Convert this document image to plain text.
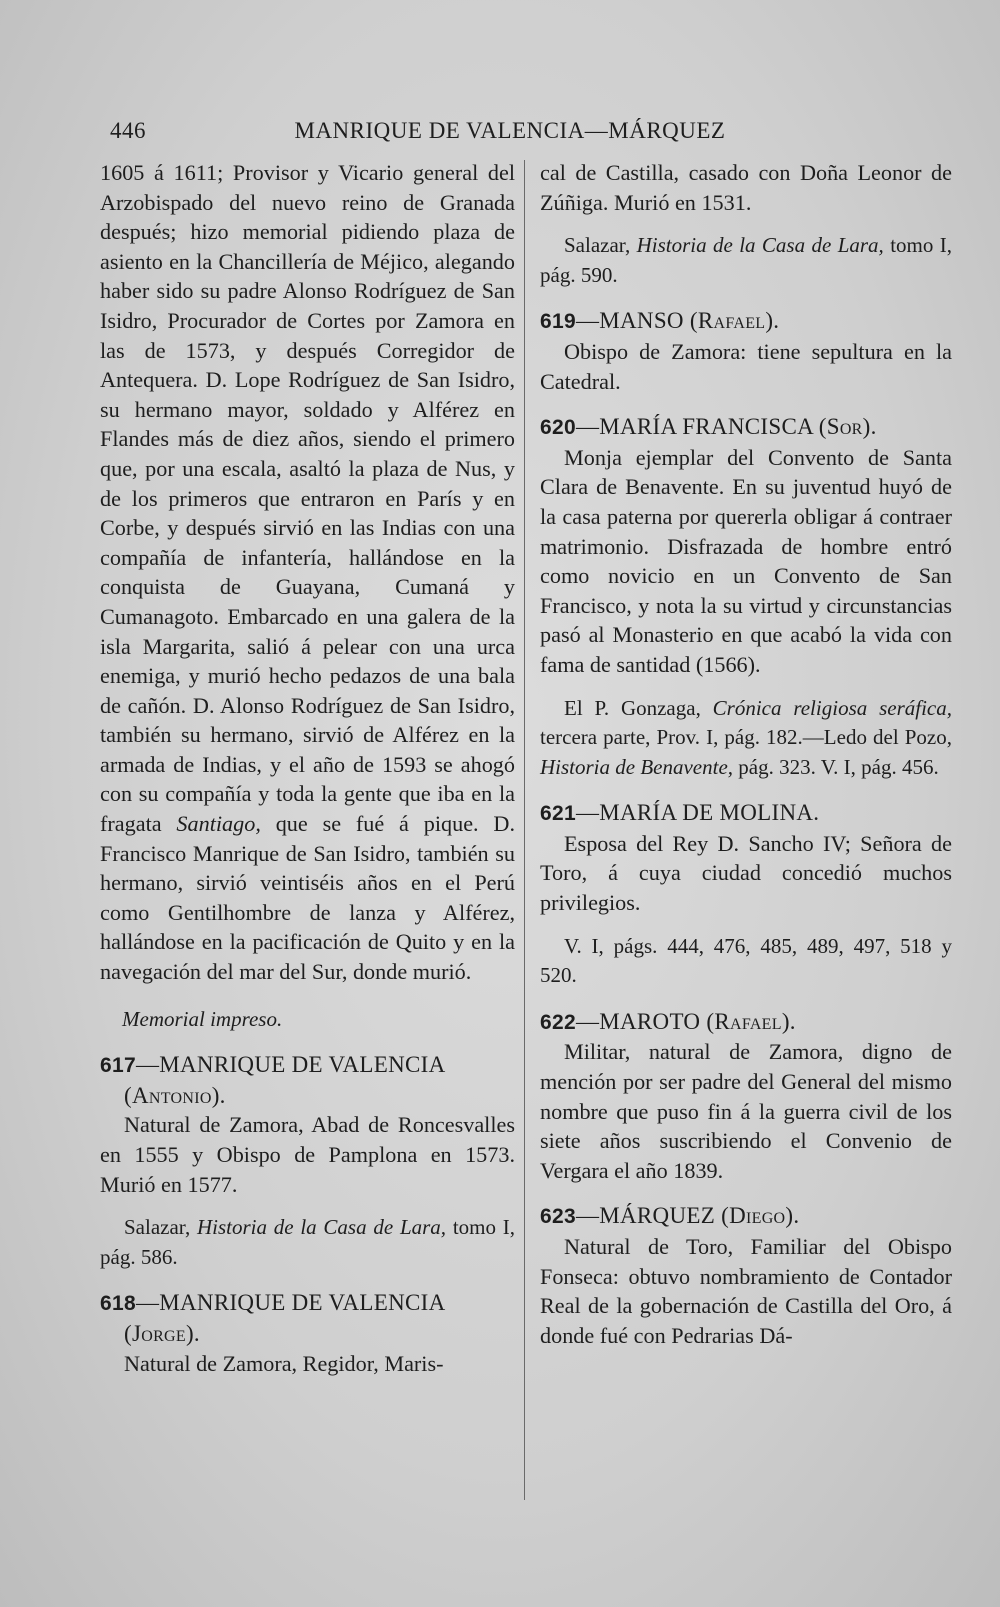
446	MANRIQUE DE VALENCIA—MÁRQUEZ

1605 á 1611; Provisor y Vicario general del Arzobispado del nuevo reino de Granada después; hizo memorial pidiendo plaza de asiento en la Chancillería de Méjico, alegando haber sido su padre Alonso Rodríguez de San Isidro, Procurador de Cortes por Zamora en las de 1573, y después Corregidor de Antequera. D. Lope Rodríguez de San Isidro, su hermano mayor, soldado y Alférez en Flandes más de diez años, siendo el primero que, por una escala, asaltó la plaza de Nus, y de los primeros que entraron en París y en Corbe, y después sirvió en las Indias con una compañía de infantería, hallándose en la conquista de Guayana, Cumaná y Cumanagoto. Embarcado en una galera de la isla Margarita, salió á pelear con una urca enemiga, y murió hecho pedazos de una bala de cañón. D. Alonso Rodríguez de San Isidro, también su hermano, sirvió de Alférez en la armada de Indias, y el año de 1593 se ahogó con su compañía y toda la gente que iba en la fragata Santiago, que se fué á pique. D. Francisco Manrique de San Isidro, también su hermano, sirvió veintiséis años en el Perú como Gentilhombre de lanza y Alférez, hallándose en la pacificación de Quito y en la navegación del mar del Sur, donde murió.

Memorial impreso.

617—MANRIQUE DE VALENCIA
(Antonio).

Natural de Zamora, Abad de Roncesvalles en 1555 y Obispo de Pamplona en 1573. Murió en 1577.

Salazar, Historia de la Casa de Lara, tomo I, pág. 586.

618—MANRIQUE DE VALENCIA
(Jorge).

Natural de Zamora, Regidor, Maris-

cal de Castilla, casado con Doña Leonor de Zúñiga. Murió en 1531.

Salazar, Historia de la Casa de Lara, tomo I, pág. 590.

619—MANSO (Rafael).

Obispo de Zamora: tiene sepultura en la Catedral.

620—MARÍA FRANCISCA (Sor).

Monja ejemplar del Convento de Santa Clara de Benavente. En su juventud huyó de la casa paterna por quererla obligar á contraer matrimonio. Disfrazada de hombre entró como novicio en un Convento de San Francisco, y nota la su virtud y circunstancias pasó al Monasterio en que acabó la vida con fama de santidad (1566).

El P. Gonzaga, Crónica religiosa seráfica, tercera parte, Prov. I, pág. 182.—Ledo del Pozo, Historia de Benavente, pág. 323. V. I, pág. 456.

621—MARÍA DE MOLINA.

Esposa del Rey D. Sancho IV; Señora de Toro, á cuya ciudad concedió muchos privilegios.

V. I, págs. 444, 476, 485, 489, 497, 518 y 520.

622—MAROTO (Rafael).

Militar, natural de Zamora, digno de mención por ser padre del General del mismo nombre que puso fin á la guerra civil de los siete años suscribiendo el Convenio de Vergara el año 1839.

623—MÁRQUEZ (Diego).

Natural de Toro, Familiar del Obispo Fonseca: obtuvo nombramiento de Contador Real de la gobernación de Castilla del Oro, á donde fué con Pedrarias Dá-
